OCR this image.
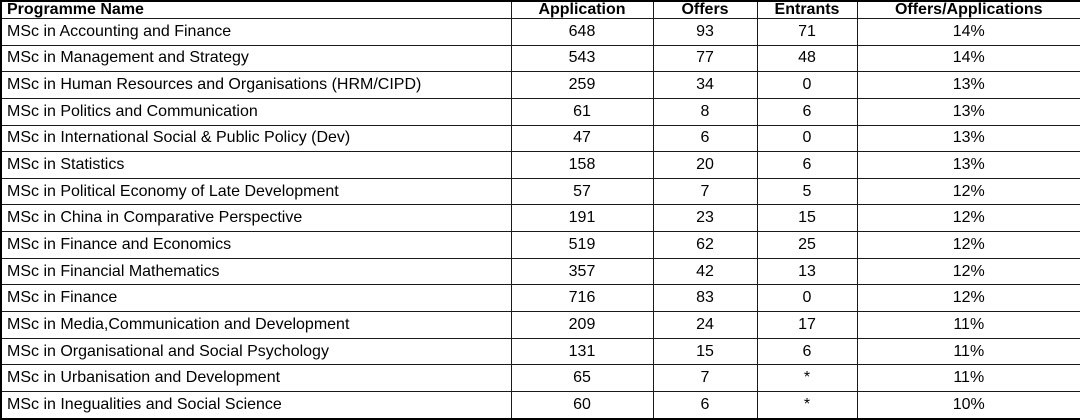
Programme Name	Application	Offers	Entrants	Offers/Applications
MSc in Accounting and Finance	648	93	71	14%
MSc in Management and Strategy	543	77	48	14%
MSc in Human Resources and Organisations (HRM/CIPD)	259	34	0	13%
MSc in Politics and Communication	61	8	6	13%
MSc in International Social & Public Policy (Dev)	47	6	0	13%
MSc in Statistics	158	20	6	13%
MSc in Political Economy of Late Development	57	7	5	12%
MSc in China in Comparative Perspective	191	23	15	12%
MSc in Finance and Economics	519	62	25	12%
MSc in Financial Mathematics	357	42	13	12%
MSc in Finance	716	83	0	12%
MSc in Media,Communication and Development	209	24	17	11%
MSc in Organisational and Social Psychology	131	15	6	11%
MSc in Urbanisation and Development	65	7	*	11%
MSc in Inegualities and Social Science	60	6	*	10%
